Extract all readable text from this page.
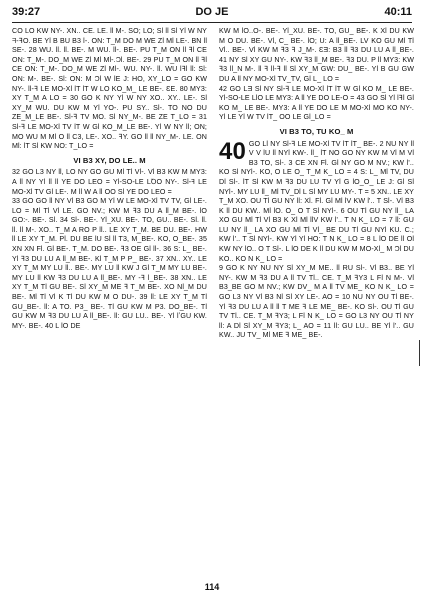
39:27	DO JE	40:11

CO LO KW NY-. XN.. CE. LE. ƖƖ M-. SO; LO; SƖ ƖƖ SƖ YƖ W NY ᖷ-ꟻO. BE YƖ B BU B3 Ɩ-. ON: T_M DO M WE ZƖ MƖ LE-. BN ƖƖ SE-. 28 WU. ƖƖ. ƖƖ. BE-. M WU. ƖƖ-. BE-. PU T_M ON ƖƖ ꟻƖ CE ON: T_M-. DO_M WE ZƖ MƖ MƖ-.ƆƖ. BE-. 29 PU T_M ON ƖƖ ꟻƖ CE ON: T_M-. DO_M WE ZƖ MƖ-. WU. NY-. ƖƖ. WU ƖꟻƖ ƖƖ: SƖ: ON: M-. BE-. SƖ: ON: M ƆƖ W ƖE J: HO, XY_LO = GO KW NY-. ƖƖ-ꟻ LE MO-XƖ ƖT ƖT W LO KO_M_ LE BE-. ƐE. 80 MY3: XY T_M A LO = 30 GO K NY YƖ W NY XO.. XY.. LE-. SƖ XY_M WU. DU KW M YƖ YO-. PU SY.. SƖ-. TO NO DU ZE_M_LE BE-. SƖ-ꟻ TV MO. SƖ NY_M-. BE ZE T_LO = 31 SƖ-ꟻ LE MO-XƖ TV ƖT W GƖ KO_M_LE BE-. YƖ W NY ƖƖ; ON; MO WU M MƖ O ƖƖ C3, LE-. XO.. ꟻY. GO ƖƖ ƖƖ NY_M-. LE. ON MƖ: ƖT SƖ KW NO: T_LO =

VƖ B3 XY, DO LE.. M

32 GO L3 NY ƖƖ, LO NY GO GU MƖ TƖ VƖ-. VƖ B3 KW M MY3: A ƖƖ NY YƖ ƖƖ ƖƖ YE DO LEO = YƖ-SO-LE LꝹO NY-. SƖ-ꟻ LE MO-XƖ TV GƖ LE-. M ƖƖ W A ƖƖ OO SƖ YE DO LEO =

33 GO GO ƖƖ NY VƖ B3 GO M YƖ W LE MO-XƖ TV TV, GƖ LE-. LO = MƖ TƖ VƖ LE. GO NV.; KW M ꟻ3 DU A ƖƖ_M BE-. ƖO GO:-. BE-. SƖ. 34 SƖ-. BE-. YƖ_XU. BE-. TO, GU.. BE-. SƖ. ƖƖ. ƖƖ. ƖƖ M-. XO.. T_M A RO P ƖƖ.. LE XY T_M. BE DU. BE-. HW ƖƖ LE XY T_M. PƖ. DU BE ƖU SƖ ƖƖ T3, M_BE-. KO, O_BE-. 35 XN XN FƖ. GƖ BE-. T_M. DO BE-. ꟻ3 OE GƖ ƖƖ-. 36 S: L_ BE-. YƖ ꟻ3 DU LU A ƖƖ_M BE-. KƖ T_M P P_ BE-. 37 XN.. XY.. LE XY T_M MY LU ƖƖ.. BE-. MY LU ƖƖ KW J GƖ T_M MY LU BE-. MY LU ƖƖ KW ꟻ3 DU LU A ƖƖ_BE-. MY -ꟻ Ɩ_BE-. 38 XN.. LE XY T_M TƖ GU BE-. SƖ XY_M ME ꟻ T_M BE-. XO NƖ_M DU BE-. MƖ TƖ VƖ K TƖ DU KW M O DU-. 39 ƖƖ: LE XY T_M TƖ GU_BE-. ƖƖ: A TO. P3_ BE-. TƖ GU KW M P3. DO_BE-. TƖ GU KW M ꟻ3 DU LU A ƖƖ_BE-. ƖƖ: GU LU.. BE-. YƖ ƖʼGU KW. MY-. BE-. 40 L ƖO DE

KW M ƖO..O-. BE-. YƖ_XU. BE-. TO, GU_ BE-. K XƖ DU KW M O DU. BE-. VƖ, C_ BE-. ƖO; U: A ƖƖ_BE-. LV KO GU MƖ TƖ VƖ.. BE-. VƖ KW M ꟻ3 ꟻ J_M-. ƐƎ: B3 ƖƖ ꟻ3 DU LU A ƖƖ_BE-. 41 NY SƖ XY GU NY-. KW ꟻ3 ƖƖ_M BE-. ꟻ3 DU. P ƖƖ MY3: KW ꟻ3 ƖƖ_N M-. ƖƖ ꟻ ƖƖ-ꟻ ƖƖ SƖ XY_M GW: DU_ BE-. YƖ B GU GW DU A ƖƖ NY MO-XƖ TV_TV, GƖ L_ LO =

42 GO LƎ SƖ NY SƖ-ꟻ LE MO-XƖ ƖT ƖT W GƖ KO M_ LE BE-. YƖ-SO-LE LƖO LE MY3: A ƖƖ YE DO LE-O = 43 GO SƖ YƖ ƖꟻƖ GƖ KO M_ LE BE-. MY3: A ƖƖ YE DO LE M MO-XƖ MO KO NY-. YƖ LE YƖ W TV ƖT_ OO LE GƖ_LO =

VƖ B3 TO, TU KO_ M

40 GO LƖ NY SƖ-ꟻ LE MO-XƖ TV ƖT ƖT_ BE-. 2 NU NY ƖƖ V V ƖU ƖƖ NYƖ KW-. ƖƖ_ ƖT NO GO NY KW M VƖ M VƖ B3 TO, SƖ-. 3 CE XN FƖ. GƖ NY GO M NV.; KW Ɩ'.. KO SƖ NYƖ-. KO, O LE O_ T_M K_ LO = 4 S: L_ MƖ TV, DU DƖ SƖ-. ƖT SƖ KW M ꟻ3 DU LU TV YƖ G ƖO_O_ LE J: GƖ SƖ NYƖ-. MY LU ƖƖ_ MƖ TV_DƖ L SƖ MY LU MY-. T = 5 XN.. LE XY T_M XO. OU TƖ GU NY ƖƖ: XƖ. FƖ. GƖ MƖ ƖV KW Ɩ'.. T SƖ-. VƖ B3 K ƖƖ DU KW.. MƖ ƖO. O_ O T SƖ NYƖ-. 6 OU TƖ GU NY ƖƖ_ LA XO GU MƖ TƖ VƖ B3 K XƖ MƖ ƖƖV KW Ɩ'.. T N K_ LO = 7 ƖƖ: GU LU NY ƖƖ_ LA XO GU MƖ TƖ VƖ_ BE DU TƖ GU NYƖ KU. C.; KW Ɩ'.. T SƖ NYƖ-. KW YƖ YƖ HO: T N K_ LO = 8 L ƖO DE ƖƖ OƖ KW NY ƖO.. O T SƖ-. L ƖO DE K ƖƖ DU KW M MO-XƖ_ M ƆƖ DU KO.. KO N K_ LO =

9 GO K NY NU NY SƖ XY_M ME.. ƖƖ RU SƖ-. VƖ B3.. BE YƖ NY-. KW M ꟻ3 DU A ƖƖ TV TƖ.. CE. T_M ꟻY3 L FƖ N M-. VƖ B3_BE GO M NV.; KW DV_ M A ƖƖ TV ME_ KO N K_ LO = GO L3 NY VƖ B3 NƖ SƖ XY LE-. AO = 10 NU NY OU TƖ BE-. YƖ ꟻ3 DU LU A ƖƖ ƖƖ T ME ꟻ LE ME_ BE-. KO SƖ-. OU TƖ GU TV TƖ.. CE. T_M ꟻY3; L FƖ N K_ LO = GO L3 NY OU TƖ NY ƖƖ: A DƖ SƖ XY_M ꟻY3; L_ AO = 11 ƖƖ: GU LU.. BE YƖ Ɩ'.. GU KW.. JU TV_ MƖ ME ꟻ ME_ BE-.

114
